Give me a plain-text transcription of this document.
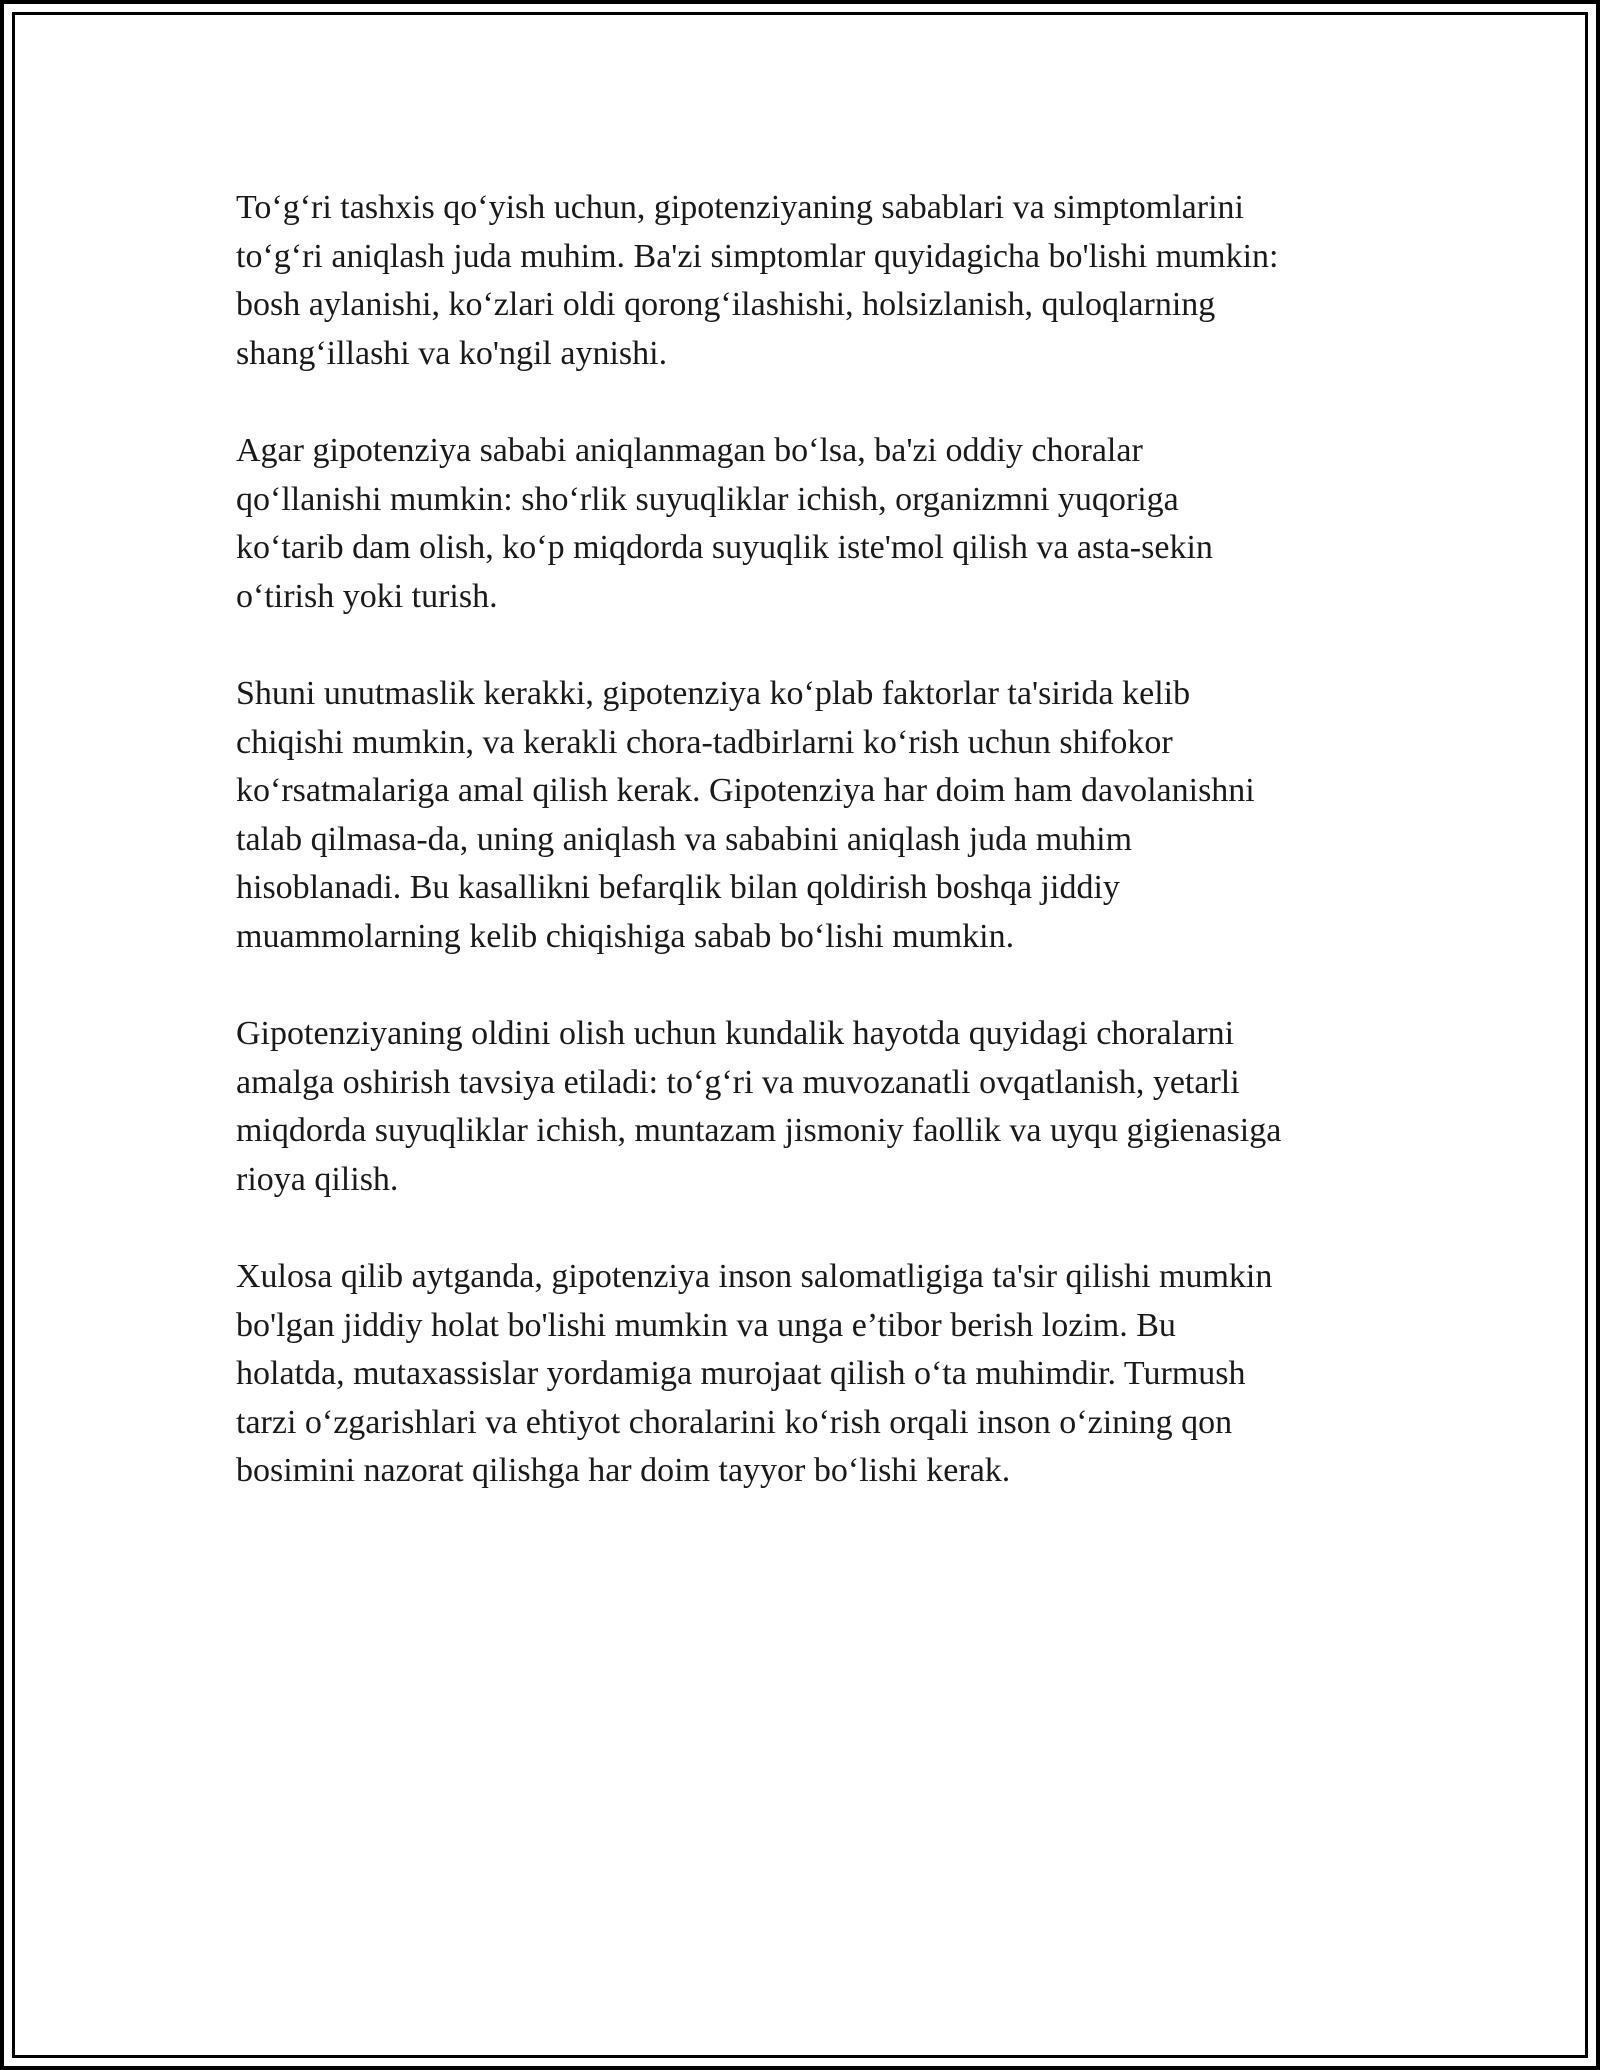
To‘g‘ri tashxis qo‘yish uchun, gipotenziyaning sabablari va simptomlarini
to‘g‘ri aniqlash juda muhim. Ba'zi simptomlar quyidagicha bo'lishi mumkin:
bosh aylanishi, ko‘zlari oldi qorong‘ilashishi, holsizlanish, quloqlarning
shang‘illashi va ko'ngil aynishi.

Agar gipotenziya sababi aniqlanmagan bo‘lsa, ba'zi oddiy choralar
qo‘llanishi mumkin: sho‘rlik suyuqliklar ichish, organizmni yuqoriga
ko‘tarib dam olish, ko‘p miqdorda suyuqlik iste'mol qilish va asta-sekin
o‘tirish yoki turish.

Shuni unutmaslik kerakki, gipotenziya ko‘plab faktorlar ta'sirida kelib
chiqishi mumkin, va kerakli chora-tadbirlarni ko‘rish uchun shifokor
ko‘rsatmalariga amal qilish kerak. Gipotenziya har doim ham davolanishni
talab qilmasa-da, uning aniqlash va sababini aniqlash juda muhim
hisoblanadi. Bu kasallikni befarqlik bilan qoldirish boshqa jiddiy
muammolarning kelib chiqishiga sabab bo‘lishi mumkin.

Gipotenziyaning oldini olish uchun kundalik hayotda quyidagi choralarni
amalga oshirish tavsiya etiladi: to‘g‘ri va muvozanatli ovqatlanish, yetarli
miqdorda suyuqliklar ichish, muntazam jismoniy faollik va uyqu gigienasiga
rioya qilish.

Xulosa qilib aytganda, gipotenziya inson salomatligiga ta'sir qilishi mumkin
bo'lgan jiddiy holat bo'lishi mumkin va unga e’tibor berish lozim. Bu
holatda, mutaxassislar yordamiga murojaat qilish o‘ta muhimdir. Turmush
tarzi o‘zgarishlari va ehtiyot choralarini ko‘rish orqali inson o‘zining qon
bosimini nazorat qilishga har doim tayyor bo‘lishi kerak.
